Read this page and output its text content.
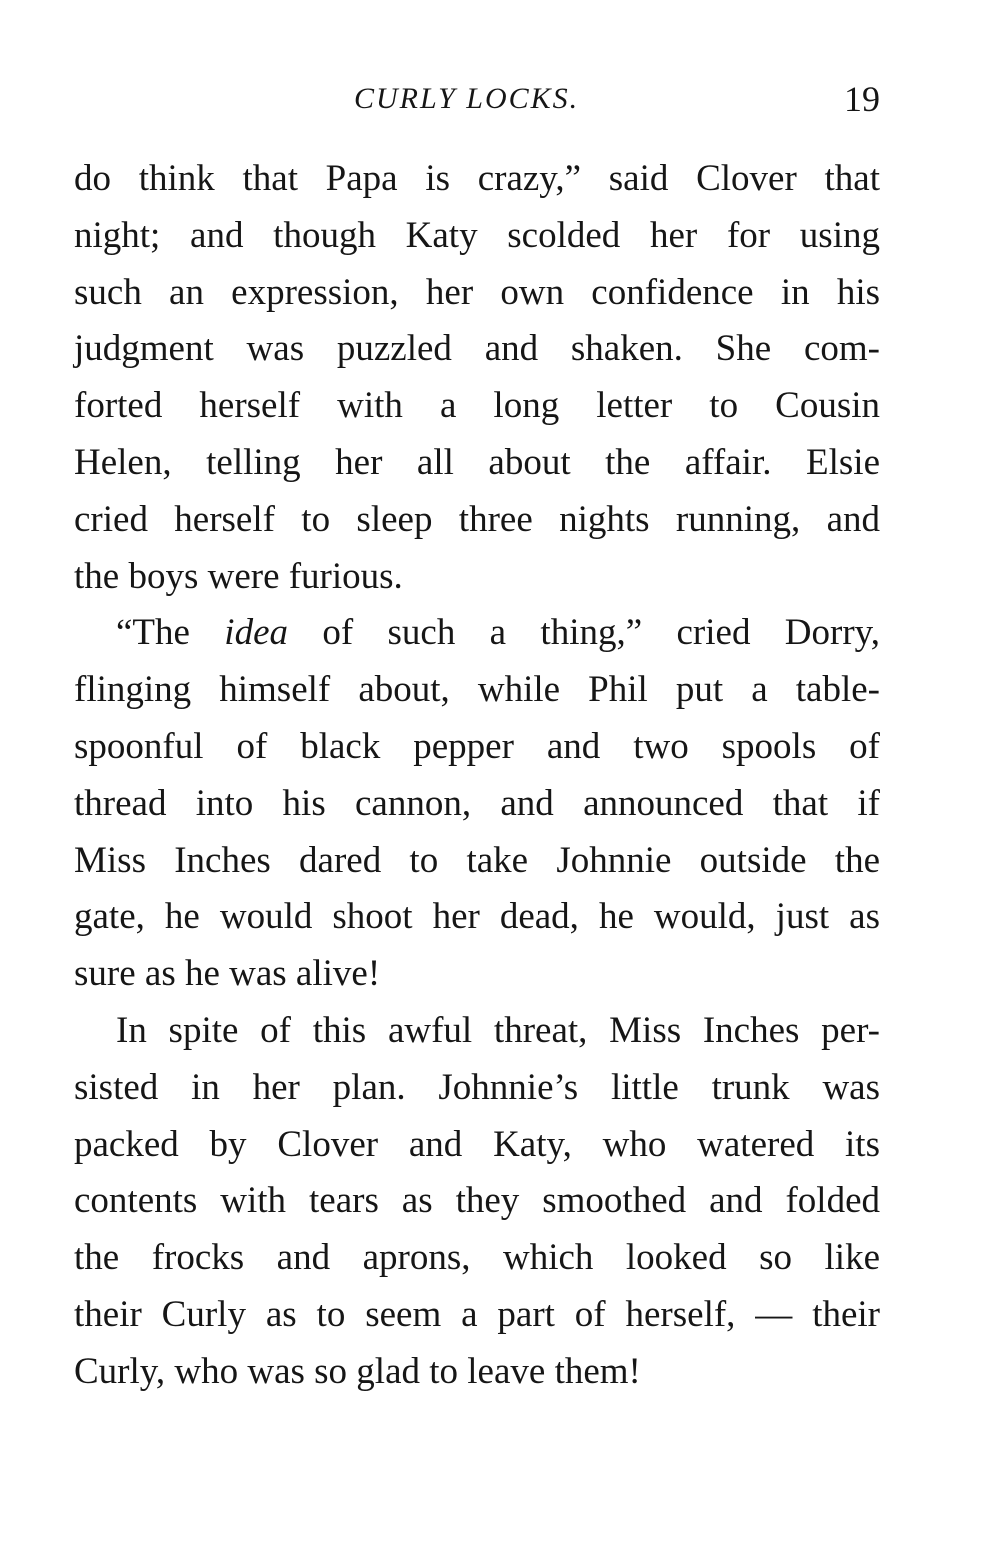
CURLY LOCKS.	19
do think that Papa is crazy,” said Clover that
night; and though Katy scolded her for using
such an expression, her own confidence in his
judgment was puzzled and shaken. She com-
forted herself with a long letter to Cousin
Helen, telling her all about the affair. Elsie
cried herself to sleep three nights running, and
the boys were furious.
“The idea of such a thing,” cried Dorry,
flinging himself about, while Phil put a table-
spoonful of black pepper and two spools of
thread into his cannon, and announced that if
Miss Inches dared to take Johnnie outside the
gate, he would shoot her dead, he would, just as
sure as he was alive!
In spite of this awful threat, Miss Inches per-
sisted in her plan. Johnnie’s little trunk was
packed by Clover and Katy, who watered its
contents with tears as they smoothed and folded
the frocks and aprons, which looked so like
their Curly as to seem a part of herself, — their
Curly, who was so glad to leave them!
